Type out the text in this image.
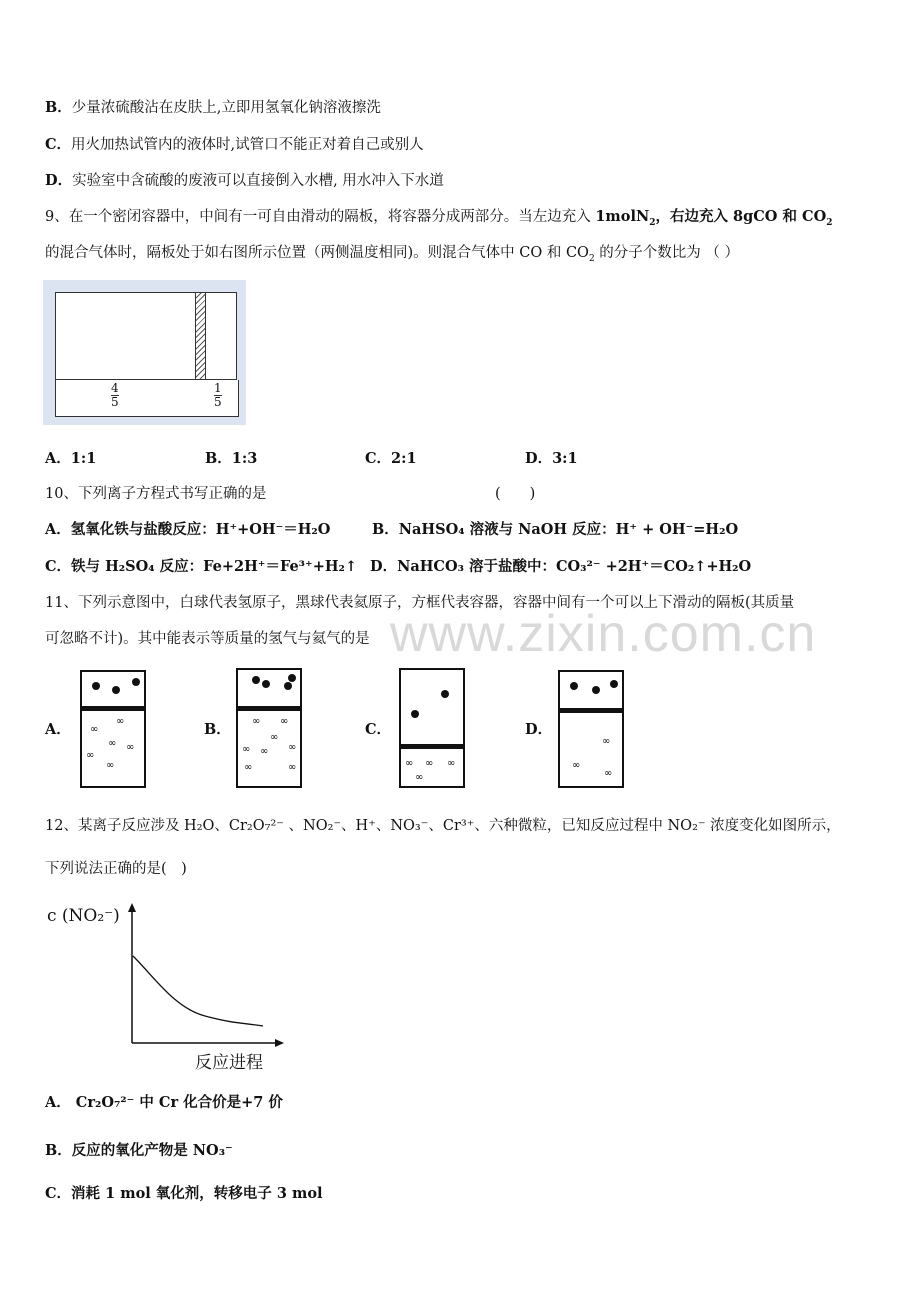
www.zixin.com.cn
B．少量浓硫酸沾在皮肤上,立即用氢氧化钠溶液擦洗
C．用火加热试管内的液体时,试管口不能正对着自己或别人
D．实验室中含硫酸的废液可以直接倒入水槽, 用水冲入下水道
9、在一个密闭容器中，中间有一可自由滑动的隔板，将容器分成两部分。当左边充入 1molN$_2$，右边充入 8gCO 和 $CO_2$
的混合气体时，隔板处于如右图所示位置（两侧温度相同)。则混合气体中 CO 和 $CO_2$ 的分子个数比为 （ ）
$\frac{4}{5}$	$\frac{1}{5}$
A．1:1	B．1:3	C．2:1	D．3:1
10、下列离子方程式书写正确的是	(　　)
A．氢氧化铁与盐酸反应：H⁺+OH⁻＝H₂O	B．NaHSO₄ 溶液与 NaOH 反应：H⁺ + OH⁻=H₂O
C．铁与 H₂SO₄ 反应：Fe+2H⁺＝Fe³⁺+H₂↑ D．NaHCO₃ 溶于盐酸中：CO₃²⁻ +2H⁺＝CO₂↑+H₂O
11、下列示意图中，白球代表氢原子，黑球代表氦原子，方框代表容器，容器中间有一个可以上下滑动的隔板(其质量
可忽略不计)。其中能表示等质量的氢气与氦气的是
A．	∞
∞
∞ ∞
∞
∞
B． ∞ ∞
∞
∞ ∞ ∞
∞	∞
C．
∞ ∞ ∞
∞
D．
∞
∞
∞
12、某离子反应涉及 H₂O、Cr₂O₇²⁻ 、NO₂⁻、H⁺、NO₃⁻、Cr³⁺、六种微粒，已知反应过程中 NO₂⁻ 浓度变化如图所示，
下列说法正确的是(　)
c (NO₂⁻)
反应进程
A． Cr₂O₇²⁻ 中 Cr 化合价是+7 价
B．反应的氧化产物是 NO₃⁻
C．消耗 1 mol 氧化剂，转移电子 3 mol
